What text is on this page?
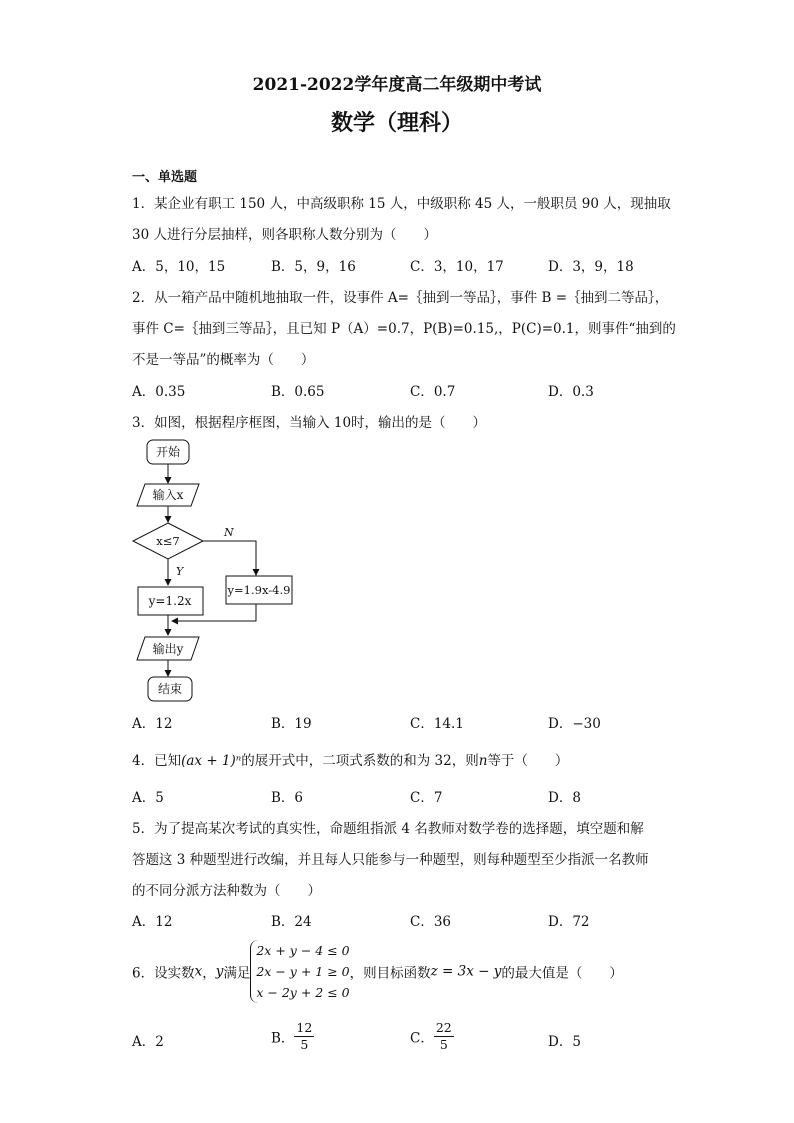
2021-2022学年度高二年级期中考试
数学（理科）
一、单选题
1．某企业有职工 150 人，中高级职称 15 人，中级职称 45 人，一般职员 90 人，现抽取
30 人进行分层抽样，则各职称人数分别为（　　）
A．5，10，15	B．5，9，16	C．3，10，17	D．3，9，18
2．从一箱产品中随机地抽取一件，设事件 A=｛抽到一等品｝，事件 B =｛抽到二等品｝，
事件 C=｛抽到三等品｝，且已知 P（A）=0.7，P(B)=0.15,，P(C)=0.1，则事件“抽到的
不是一等品”的概率为（　　）
A．0.35	B．0.65	C．0.7	D．0.3
3．如图，根据程序框图，当输入 10时，输出的是（　　）
开始
输入x
x≤7
N
Y
y=1.2x
y=1.9x-4.9
输出y
结束
A．12	B．19	C．14.1	D．−30
4．已知(ax + 1)ⁿ的展开式中，二项式系数的和为 32，则n等于（　　）
A．5	B．6	C．7	D．8
5．为了提高某次考试的真实性，命题组指派 4 名教师对数学卷的选择题，填空题和解
答题这 3 种题型进行改编，并且每人只能参与一种题型，则每种题型至少指派一名教师
的不同分派方法种数为（　　）
A．12	B．24	C．36	D．72
6．设实数x，y满足
2x + y − 4 ≤ 0
2x − y + 1 ≥ 0
x − 2y + 2 ≤ 0
，则目标函数z = 3x − y的最大值是（　　）
A．2	B． $\frac{12}{5}$	C． $\frac{22}{5}$	D．5
